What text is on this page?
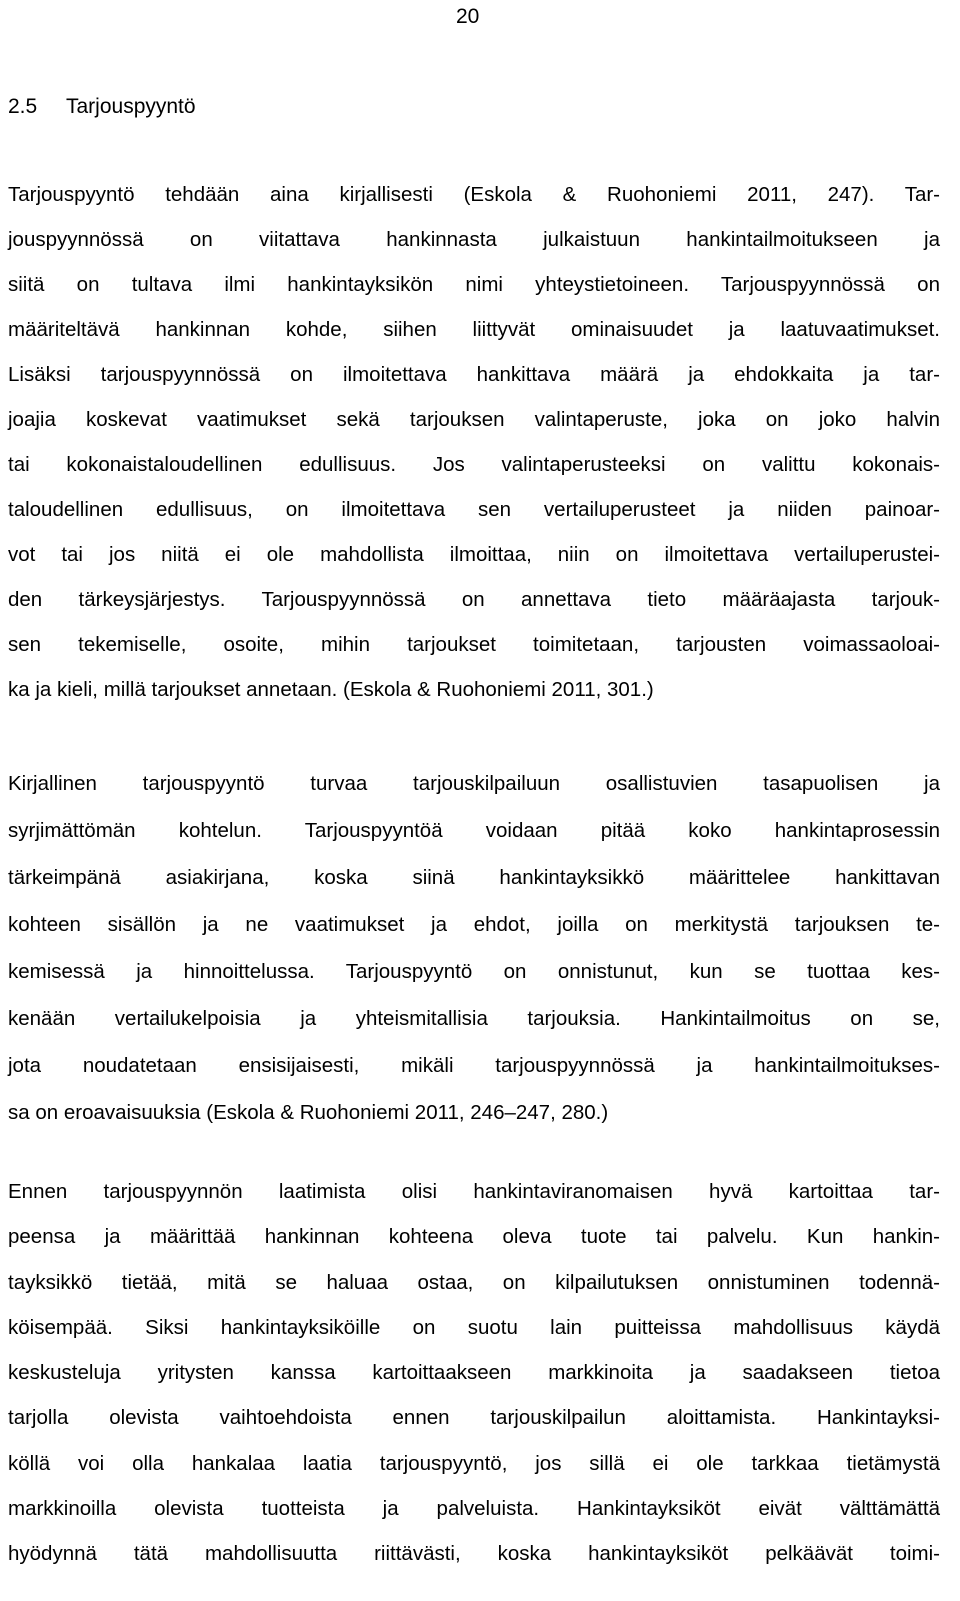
20
2.5 Tarjouspyyntö

Tarjouspyyntö tehdään aina kirjallisesti (Eskola & Ruohoniemi 2011, 247). Tar-
jouspyynnössä on viitattava hankinnasta julkaistuun hankintailmoitukseen ja
siitä on tultava ilmi hankintayksikön nimi yhteystietoineen. Tarjouspyynnössä on
määriteltävä hankinnan kohde, siihen liittyvät ominaisuudet ja laatuvaatimukset.
Lisäksi tarjouspyynnössä on ilmoitettava hankittava määrä ja ehdokkaita ja tar-
joajia koskevat vaatimukset sekä tarjouksen valintaperuste, joka on joko halvin
tai kokonaistaloudellinen edullisuus. Jos valintaperusteeksi on valittu kokonais-
taloudellinen edullisuus, on ilmoitettava sen vertailuperusteet ja niiden painoar-
vot tai jos niitä ei ole mahdollista ilmoittaa, niin on ilmoitettava vertailuperustei-
den tärkeysjärjestys. Tarjouspyynnössä on annettava tieto määräajasta tarjouk-
sen tekemiselle, osoite, mihin tarjoukset toimitetaan, tarjousten voimassaoloai-
ka ja kieli, millä tarjoukset annetaan. (Eskola & Ruohoniemi 2011, 301.)

Kirjallinen tarjouspyyntö turvaa tarjouskilpailuun osallistuvien tasapuolisen ja
syrjimättömän kohtelun. Tarjouspyyntöä voidaan pitää koko hankintaprosessin
tärkeimpänä asiakirjana, koska siinä hankintayksikkö määrittelee hankittavan
kohteen sisällön ja ne vaatimukset ja ehdot, joilla on merkitystä tarjouksen te-
kemisessä ja hinnoittelussa. Tarjouspyyntö on onnistunut, kun se tuottaa kes-
kenään vertailukelpoisia ja yhteismitallisia tarjouksia. Hankintailmoitus on se,
jota noudatetaan ensisijaisesti, mikäli tarjouspyynnössä ja hankintailmoitukses-
sa on eroavaisuuksia (Eskola & Ruohoniemi 2011, 246–247, 280.)

Ennen tarjouspyynnön laatimista olisi hankintaviranomaisen hyvä kartoittaa tar-
peensa ja määrittää hankinnan kohteena oleva tuote tai palvelu. Kun hankin-
tayksikkö tietää, mitä se haluaa ostaa, on kilpailutuksen onnistuminen todennä-
köisempää. Siksi hankintayksiköille on suotu lain puitteissa mahdollisuus käydä
keskusteluja yritysten kanssa kartoittaakseen markkinoita ja saadakseen tietoa
tarjolla olevista vaihtoehdoista ennen tarjouskilpailun aloittamista. Hankintayksi-
köllä voi olla hankalaa laatia tarjouspyyntö, jos sillä ei ole tarkkaa tietämystä
markkinoilla olevista tuotteista ja palveluista. Hankintayksiköt eivät välttämättä
hyödynnä tätä mahdollisuutta riittävästi, koska hankintayksiköt pelkäävät toimi-
